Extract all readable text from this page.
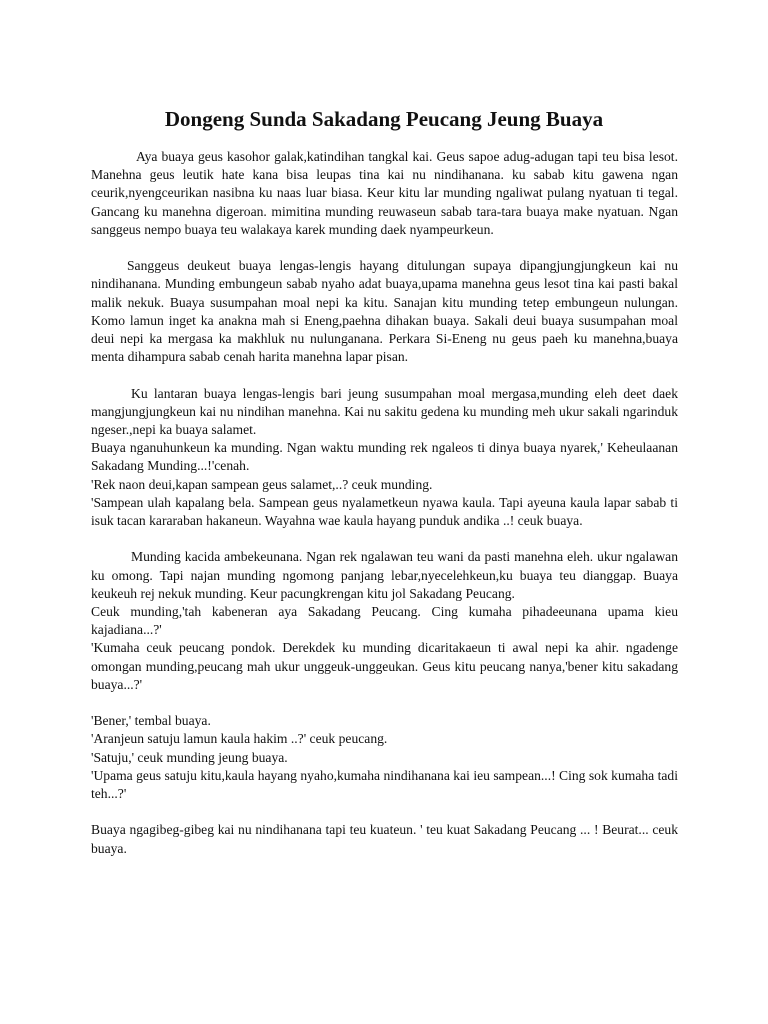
Dongeng Sunda Sakadang Peucang Jeung Buaya
Aya buaya geus kasohor galak,katindihan tangkal kai. Geus sapoe adug-adugan tapi teu bisa lesot. Manehna geus leutik hate kana bisa leupas tina kai nu nindihanana. ku sabab kitu gawena ngan ceurik,nyengceurikan nasibna ku naas luar biasa. Keur kitu lar munding ngaliwat pulang nyatuan ti tegal. Gancang ku manehna digeroan. mimitina munding reuwaseun sabab tara-tara buaya make nyatuan. Ngan sanggeus nempo buaya teu walakaya karek munding daek nyampeurkeun.
Sanggeus deukeut buaya lengas-lengis hayang ditulungan supaya dipangjungjungkeun kai nu nindihanana. Munding embungeun sabab nyaho adat buaya,upama manehna geus lesot tina kai pasti bakal malik nekuk. Buaya susumpahan moal nepi ka kitu. Sanajan kitu munding tetep embungeun nulungan. Komo lamun inget ka anakna mah si Eneng,paehna dihakan buaya. Sakali deui buaya susumpahan moal deui nepi ka mergasa ka makhluk nu nulunganana. Perkara Si-Eneng nu geus paeh ku manehna,buaya menta dihampura sabab cenah harita manehna lapar pisan.
Ku lantaran buaya lengas-lengis bari jeung susumpahan moal mergasa,munding eleh deet daek mangjungjungkeun kai nu nindihan manehna. Kai nu sakitu gedena ku munding meh ukur sakali ngarinduk ngeser.,nepi ka buaya salamet.
Buaya nganuhunkeun ka munding. Ngan waktu munding rek ngaleos ti dinya buaya nyarek,' Keheulaanan Sakadang Munding...!'cenah.
'Rek naon deui,kapan sampean geus salamet,..? ceuk munding.
'Sampean ulah kapalang bela. Sampean geus nyalametkeun nyawa kaula. Tapi ayeuna kaula lapar sabab ti isuk tacan kararaban hakaneun. Wayahna wae kaula hayang punduk andika ..! ceuk buaya.
Munding kacida ambekeunana. Ngan rek ngalawan teu wani da pasti manehna eleh. ukur ngalawan ku omong. Tapi najan munding ngomong panjang lebar,nyecelehkeun,ku buaya teu dianggap. Buaya keukeuh rej nekuk munding. Keur pacungkrengan kitu jol Sakadang Peucang.
Ceuk munding,'tah kabeneran aya Sakadang Peucang. Cing kumaha pihadeeunana upama kieu kajadiana...?'
'Kumaha ceuk peucang pondok. Derekdek ku munding dicaritakaeun ti awal nepi ka ahir. ngadenge omongan munding,peucang mah ukur unggeuk-unggeukan. Geus kitu peucang nanya,'bener kitu sakadang buaya...?'
'Bener,' tembal buaya.
'Aranjeun satuju lamun kaula hakim ..?' ceuk peucang.
'Satuju,' ceuk munding jeung buaya.
'Upama geus satuju kitu,kaula hayang nyaho,kumaha nindihanana kai ieu sampean...! Cing sok kumaha tadi teh...?'
Buaya ngagibeg-gibeg kai nu nindihanana tapi teu kuateun. ' teu kuat Sakadang Peucang ... ! Beurat... ceuk buaya.
